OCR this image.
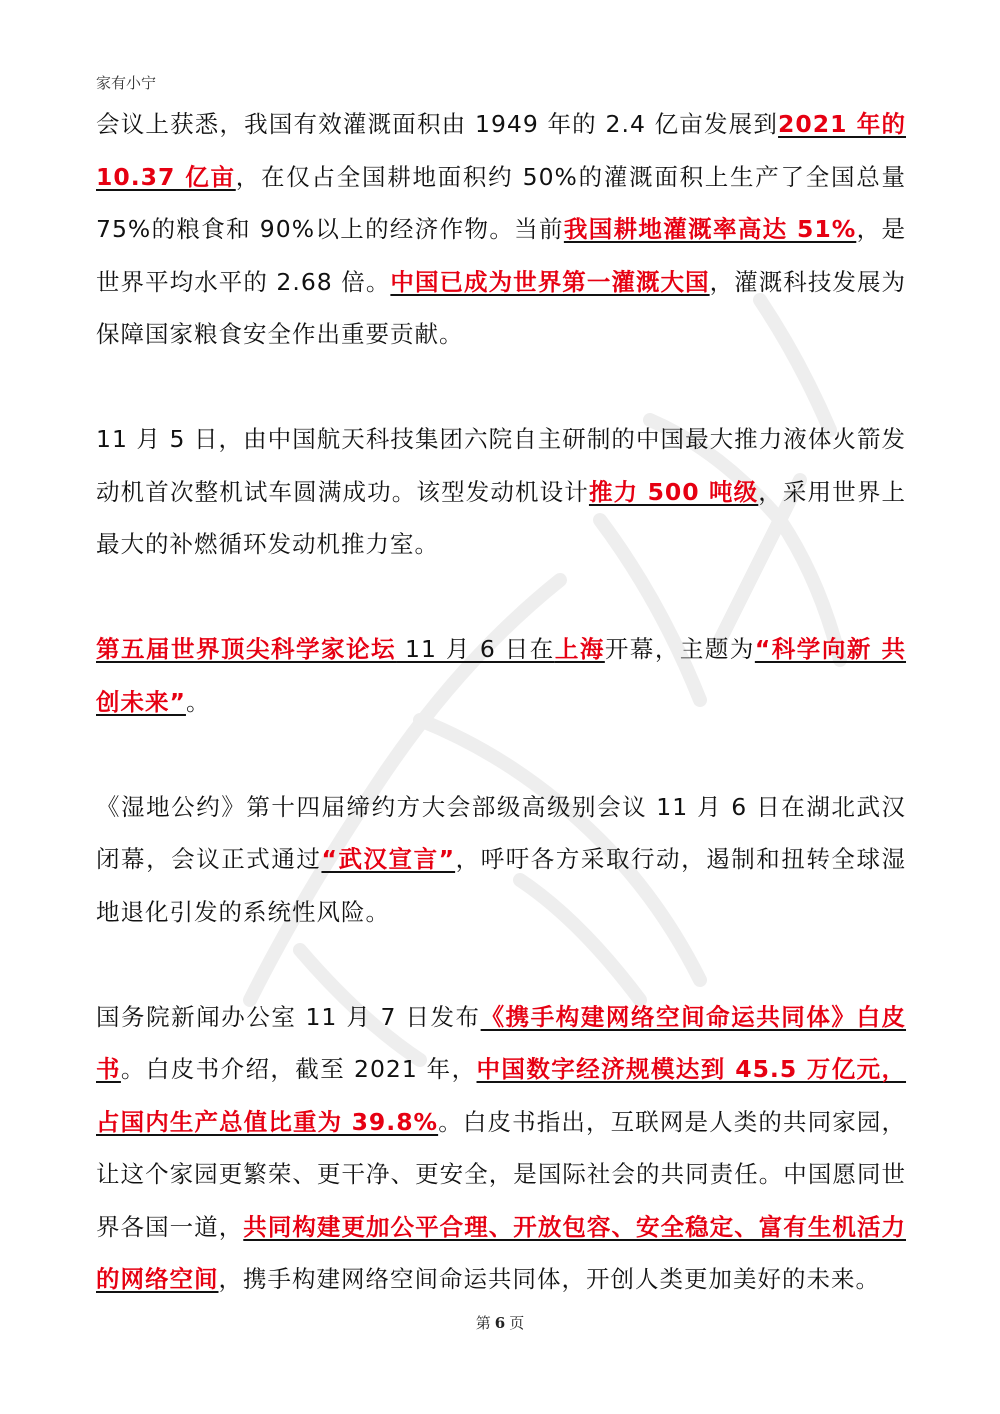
家有小宁

会议上获悉，我国有效灌溉面积由 1949 年的 2.4 亿亩发展到2021 年的 10.37 亿亩，在仅占全国耕地面积约 50%的灌溉面积上生产了全国总量 75%的粮食和 90%以上的经济作物。当前我国耕地灌溉率高达 51%，是世界平均水平的 2.68 倍。中国已成为世界第一灌溉大国，灌溉科技发展为保障国家粮食安全作出重要贡献。

11 月 5 日，由中国航天科技集团六院自主研制的中国最大推力液体火箭发动机首次整机试车圆满成功。该型发动机设计推力 500 吨级，采用世界上最大的补燃循环发动机推力室。

第五届世界顶尖科学家论坛 11 月 6 日在上海开幕，主题为“科学向新 共创未来”。

《湿地公约》第十四届缔约方大会部级高级别会议 11 月 6 日在湖北武汉闭幕，会议正式通过“武汉宣言”，呼吁各方采取行动，遏制和扭转全球湿地退化引发的系统性风险。

国务院新闻办公室 11 月 7 日发布《携手构建网络空间命运共同体》白皮书。白皮书介绍，截至 2021 年，中国数字经济规模达到 45.5 万亿元，占国内生产总值比重为 39.8%。白皮书指出，互联网是人类的共同家园，让这个家园更繁荣、更干净、更安全，是国际社会的共同责任。中国愿同世界各国一道，共同构建更加公平合理、开放包容、安全稳定、富有生机活力的网络空间，携手构建网络空间命运共同体，开创人类更加美好的未来。

第 6 页
